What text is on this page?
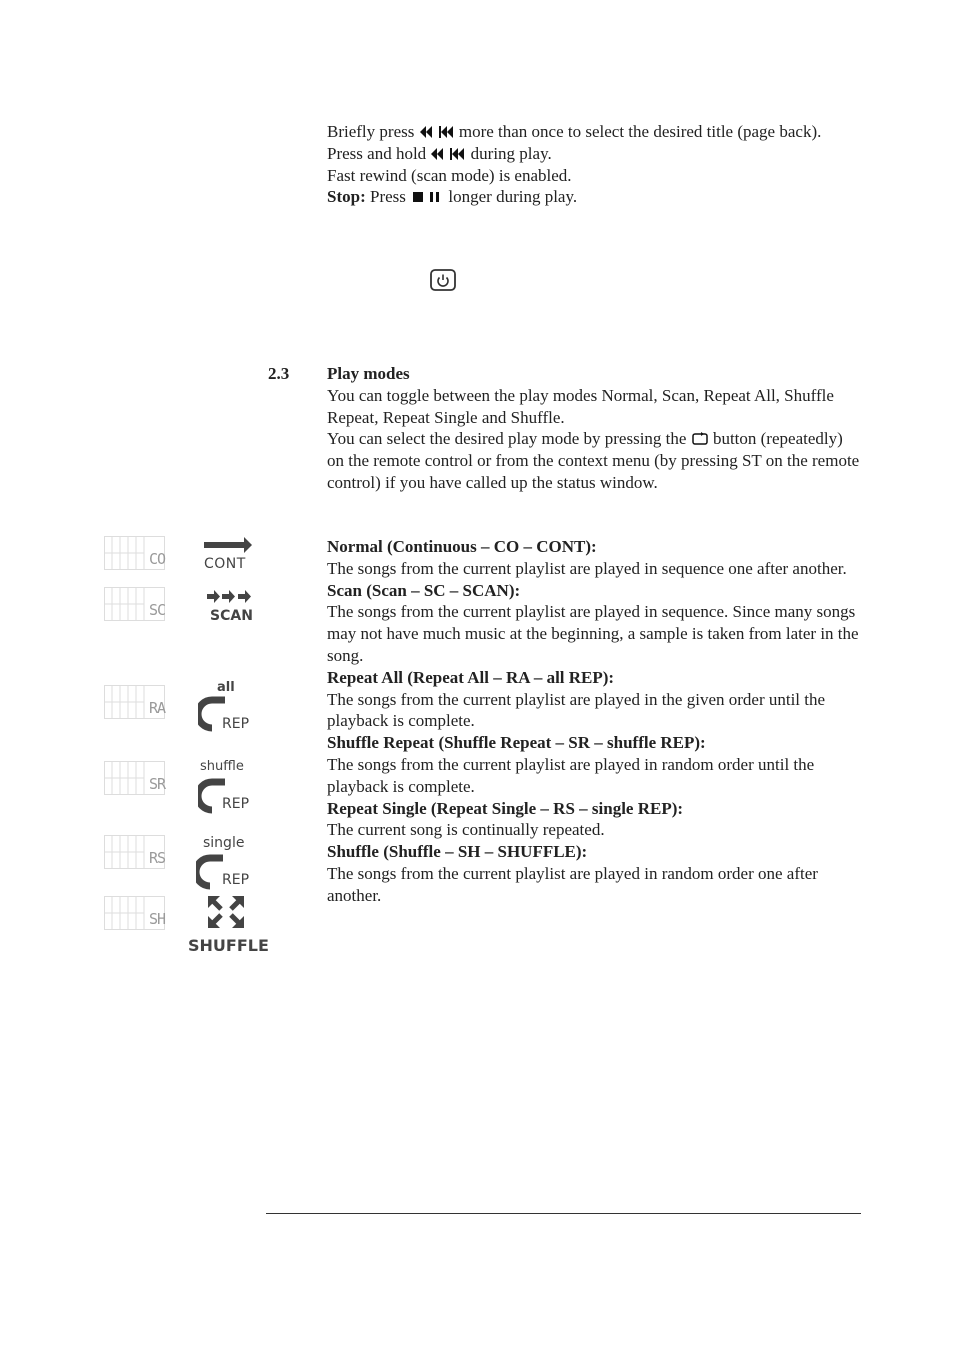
Briefly press	more than once to select the desired title (page back).

Press and hold	during play.

Fast rewind (scan mode) is enabled.

Stop: Press	longer during play.

2.3 Play modes

You can toggle between the play modes Normal, Scan, Repeat All, Shuffle Repeat, Repeat Single and Shuffle.

You can select the desired play mode by pressing the button (repeatedly) on the remote control or from the context menu (by pressing ST on the remote control) if you have called up the status window.

Normal (Continuous – CO – CONT):

The songs from the current playlist are played in sequence one after another.

Scan (Scan – SC – SCAN):

The songs from the current playlist are played in sequence. Since many songs may not have much music at the beginning, a sample is taken from later in the song.

Repeat All (Repeat All – RA – all REP):

The songs from the current playlist are played in the given order until the playback is complete.

Shuffle Repeat (Shuffle Repeat – SR – shuffle REP):

The songs from the current playlist are played in random order until the playback is complete.

Repeat Single (Repeat Single – RS – single REP):

The current song is continually repeated.

Shuffle (Shuffle – SH – SHUFFLE):

The songs from the current playlist are played in random order one after another.

CO
SC
RA
SR
RS
SH
CONT
SCAN
all
REP
shuffle
REP
single
REP
SHUFFLE
